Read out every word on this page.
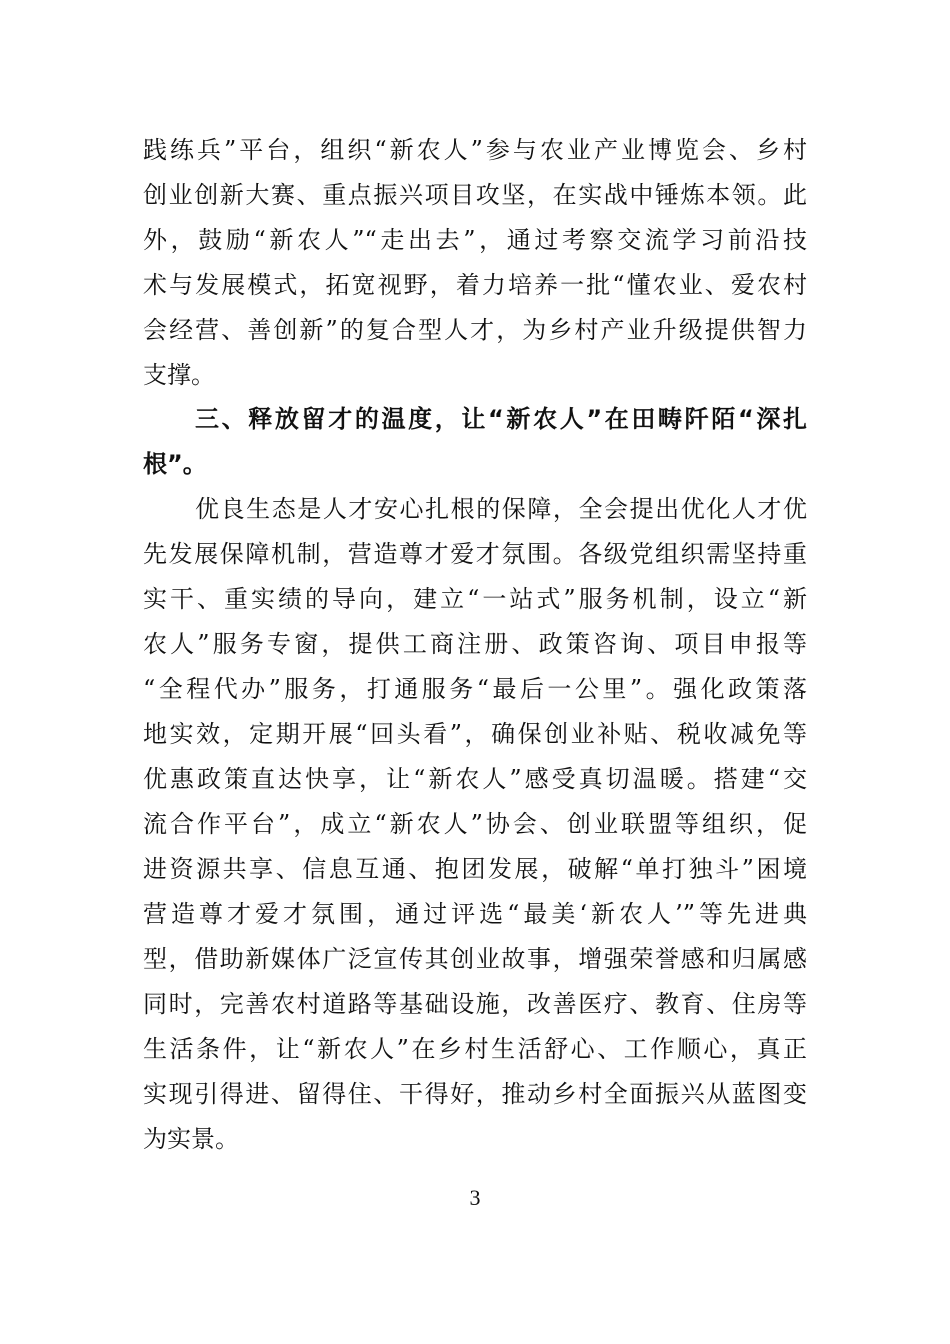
践练兵”平台，组织“新农人”参与农业产业博览会、乡村
创业创新大赛、重点振兴项目攻坚，在实战中锤炼本领。此
外，鼓励“新农人”“走出去”，通过考察交流学习前沿技
术与发展模式，拓宽视野，着力培养一批“懂农业、爱农村
会经营、善创新”的复合型人才，为乡村产业升级提供智力
支撑。
三、释放留才的温度，让“新农人”在田畴阡陌“深扎
根”。
优良生态是人才安心扎根的保障，全会提出优化人才优
先发展保障机制，营造尊才爱才氛围。各级党组织需坚持重
实干、重实绩的导向，建立“一站式”服务机制，设立“新
农人”服务专窗，提供工商注册、政策咨询、项目申报等
“全程代办”服务，打通服务“最后一公里”。强化政策落
地实效，定期开展“回头看”，确保创业补贴、税收减免等
优惠政策直达快享，让“新农人”感受真切温暖。搭建“交
流合作平台”，成立“新农人”协会、创业联盟等组织，促
进资源共享、信息互通、抱团发展，破解“单打独斗”困境
营造尊才爱才氛围，通过评选“最美‘新农人’”等先进典
型，借助新媒体广泛宣传其创业故事，增强荣誉感和归属感
同时，完善农村道路等基础设施，改善医疗、教育、住房等
生活条件，让“新农人”在乡村生活舒心、工作顺心，真正
实现引得进、留得住、干得好，推动乡村全面振兴从蓝图变
为实景。
3
